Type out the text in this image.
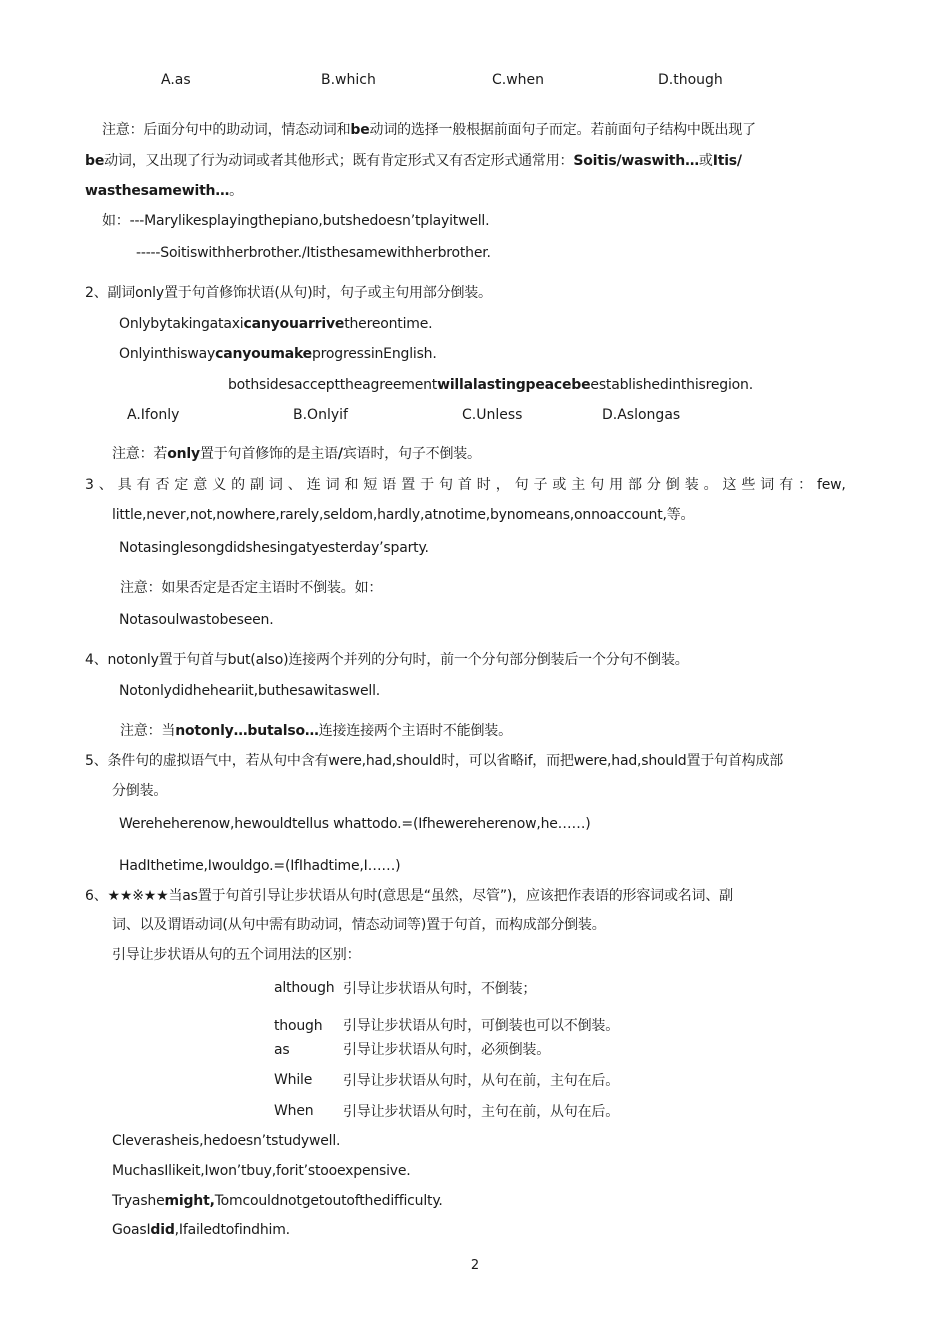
A.as	B.which	C.when	D.though
注意：后面分句中的助动词，情态动词和be动词的选择一般根据前面句子而定。若前面句子结构中既出现了
be动词，又出现了行为动词或者其他形式；既有肯定形式又有否定形式通常用：Soitis/waswith…或Itis/
wasthesamewith…。
如：---Marylikesplayingthepiano,butshedoesn’tplayitwell.
-----Soitiswithherbrother./Itisthesamewithherbrother.
2、副词only置于句首修饰状语(从句)时，句子或主句用部分倒装。
Onlybytakingataxicanyouarrivethereontime.
OnlyinthiswaycanyoumakeprogressinEnglish.
bothsidesaccepttheagreementwillalastingpeacebeestablishedinthisregion.
A.Ifonly	B.Onlyif	C.Unless	D.Aslongas
注意：若only置于句首修饰的是主语/宾语时，句子不倒装。
3、具有否定意义的副词、连词和短语置于句首时，句子或主句用部分倒装。这些词有：few,
little,never,not,nowhere,rarely,seldom,hardly,atnotime,bynomeans,onnoaccount,等。
Notasinglesongdidshesingatyesterday’sparty.
注意：如果否定是否定主语时不倒装。如：
Notasoulwastobeseen.
4、notonly置于句首与but(also)连接两个并列的分句时，前一个分句部分倒装后一个分句不倒装。
Notonlydidheheariit,buthesawitaswell.
注意：当notonly…butalso…连接连接两个主语时不能倒装。
5、条件句的虚拟语气中，若从句中含有were,had,should时，可以省略if，而把were,had,should置于句首构成部
分倒装。
Wereheherenow,hewouldtellus whattodo.=(Ifhewereherenow,he……)
HadIthetime,Iwouldgo.=(IfIhadtime,I……)
6、★★※★★当as置于句首引导让步状语从句时(意思是“虽然，尽管”)，应该把作表语的形容词或名词、副
词、以及谓语动词(从句中需有助动词，情态动词等)置于句首，而构成部分倒装。
引导让步状语从句的五个词用法的区别：
although 引导让步状语从句时，不倒装；
though 引导让步状语从句时，可倒装也可以不倒装。
as	引导让步状语从句时，必须倒装。
While 引导让步状语从句时，从句在前，主句在后。
When 引导让步状语从句时，主句在前，从句在后。
Cleverasheis,hedoesn’tstudywell.
MuchasIlikeit,Iwon’tbuy,forit’stooexpensive.
Tryashemight,Tomcouldnotgetoutofthedifficulty.
GoasIdid,Ifailedtofindhim.
2
